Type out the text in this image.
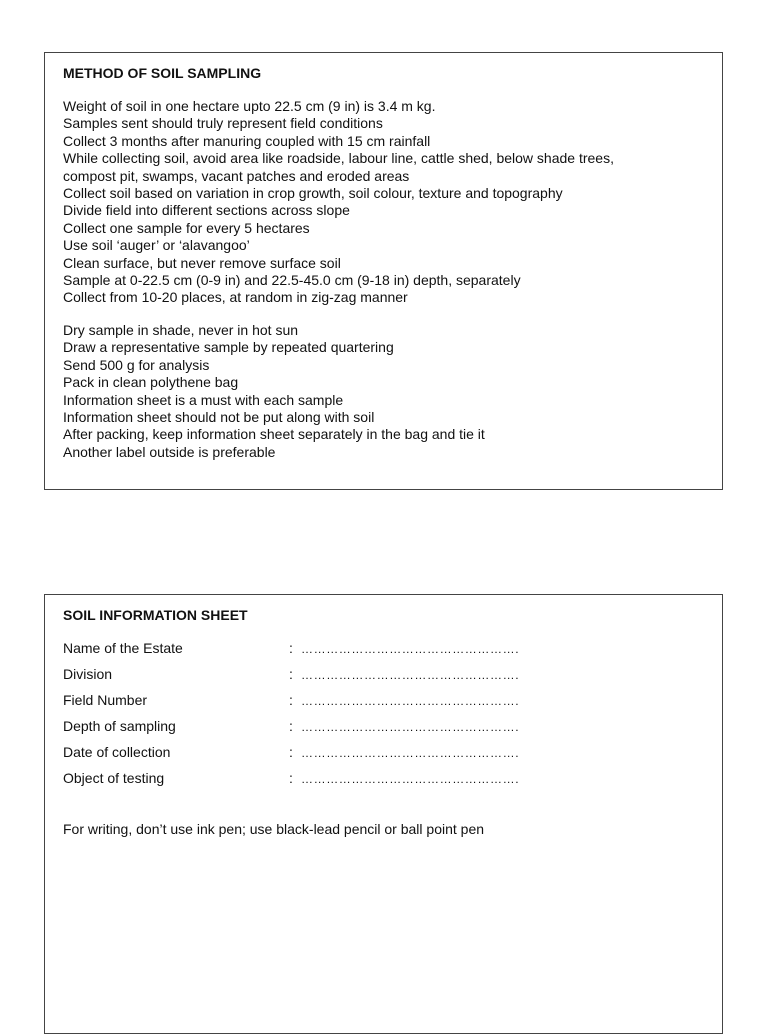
METHOD OF SOIL SAMPLING
Weight of soil in one hectare upto 22.5 cm (9 in) is 3.4 m kg.
Samples sent should truly represent field conditions
Collect 3 months after manuring coupled with 15 cm rainfall
While collecting soil, avoid area like roadside, labour line, cattle shed, below shade trees,
compost pit, swamps, vacant patches and eroded areas
Collect soil based on variation in crop growth, soil colour, texture and topography
Divide field into different sections across slope
Collect one sample for every 5 hectares
Use soil ‘auger’ or ‘alavangoo’
Clean surface, but never remove surface soil
Sample at 0-22.5 cm (0-9 in) and 22.5-45.0 cm (9-18 in) depth, separately
Collect from 10-20 places, at random in zig-zag manner
Dry sample in shade, never in hot sun
Draw a representative sample by repeated quartering
Send 500 g for analysis
Pack in clean polythene bag
Information sheet is a must with each sample
Information sheet should not be put along with soil
After packing, keep information sheet separately in the bag and tie it
Another label outside is preferable
SOIL INFORMATION SHEET
Name of the Estate	: …………………………………………….
Division	: …………………………………………….
Field Number	: …………………………………………….
Depth of sampling	: …………………………………………….
Date of collection	: …………………………………………….
Object of testing	: …………………………………………….
For writing, don’t use ink pen; use black-lead pencil or ball point pen
